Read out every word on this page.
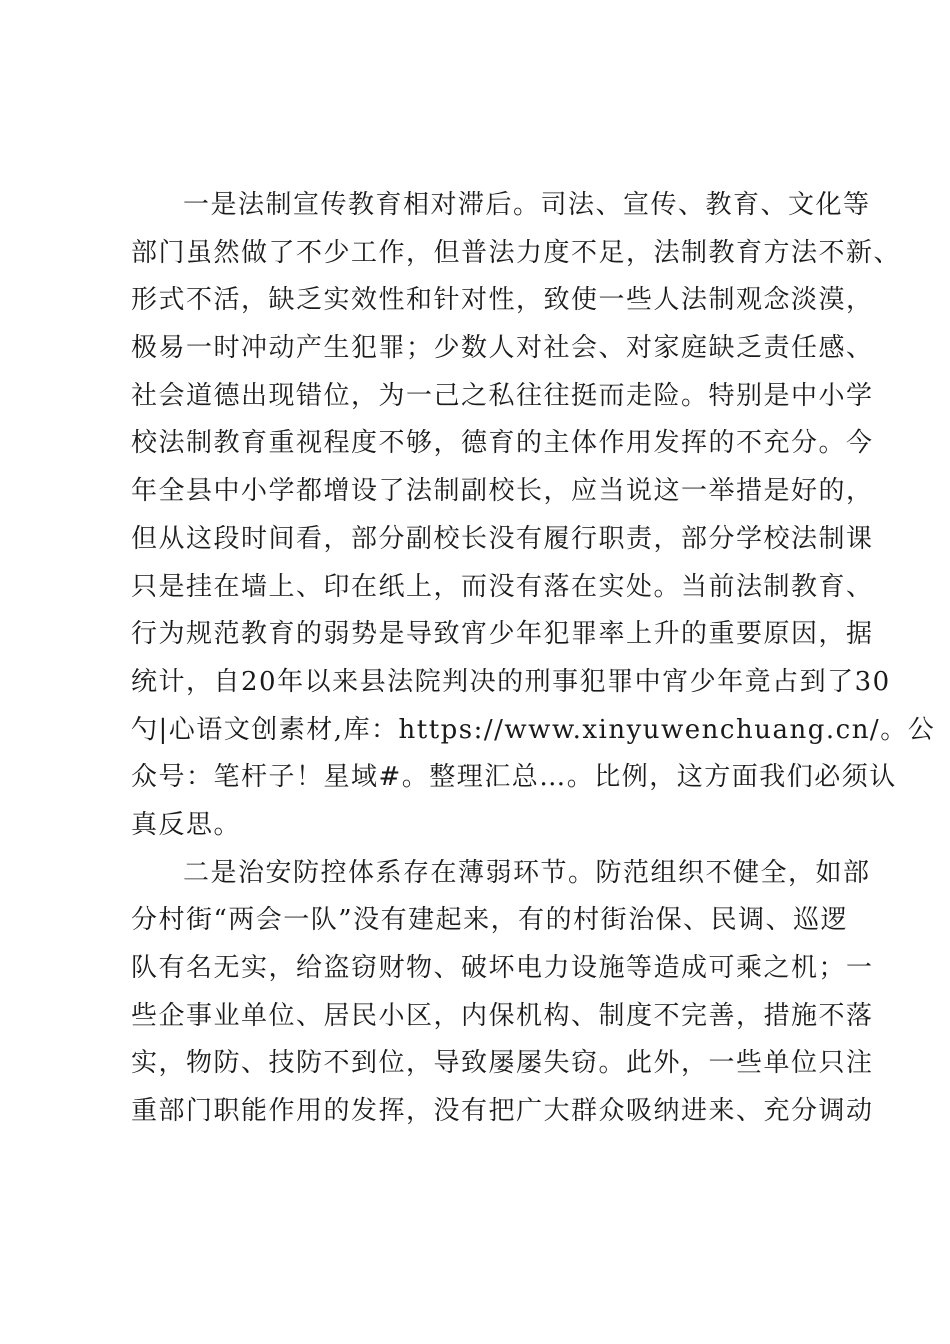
一是法制宣传教育相对滞后。司法、宣传、教育、文化等
部门虽然做了不少工作，但普法力度不足，法制教育方法不新、
形式不活，缺乏实效性和针对性，致使一些人法制观念淡漠，
极易一时冲动产生犯罪；少数人对社会、对家庭缺乏责任感、
社会道德出现错位，为一己之私往往挺而走险。特别是中小学
校法制教育重视程度不够，德育的主体作用发挥的不充分。今
年全县中小学都增设了法制副校长，应当说这一举措是好的，
但从这段时间看，部分副校长没有履行职责，部分学校法制课
只是挂在墙上、印在纸上，而没有落在实处。当前法制教育、
行为规范教育的弱势是导致宵少年犯罪率上升的重要原因，据
统计，自20年以来县法院判决的刑事犯罪中宵少年竟占到了30
勺|心语文创素材,库：https://www.xinyuwenchuang.cn/。公
众号：笔杆子！星域#。整理汇总…。比例，这方面我们必须认
真反思。
二是治安防控体系存在薄弱环节。防范组织不健全，如部
分村街“两会一队”没有建起来，有的村街治保、民调、巡逻
队有名无实，给盗窃财物、破坏电力设施等造成可乘之机；一
些企事业单位、居民小区，内保机构、制度不完善，措施不落
实，物防、技防不到位，导致屡屡失窃。此外，一些单位只注
重部门职能作用的发挥，没有把广大群众吸纳进来、充分调动
